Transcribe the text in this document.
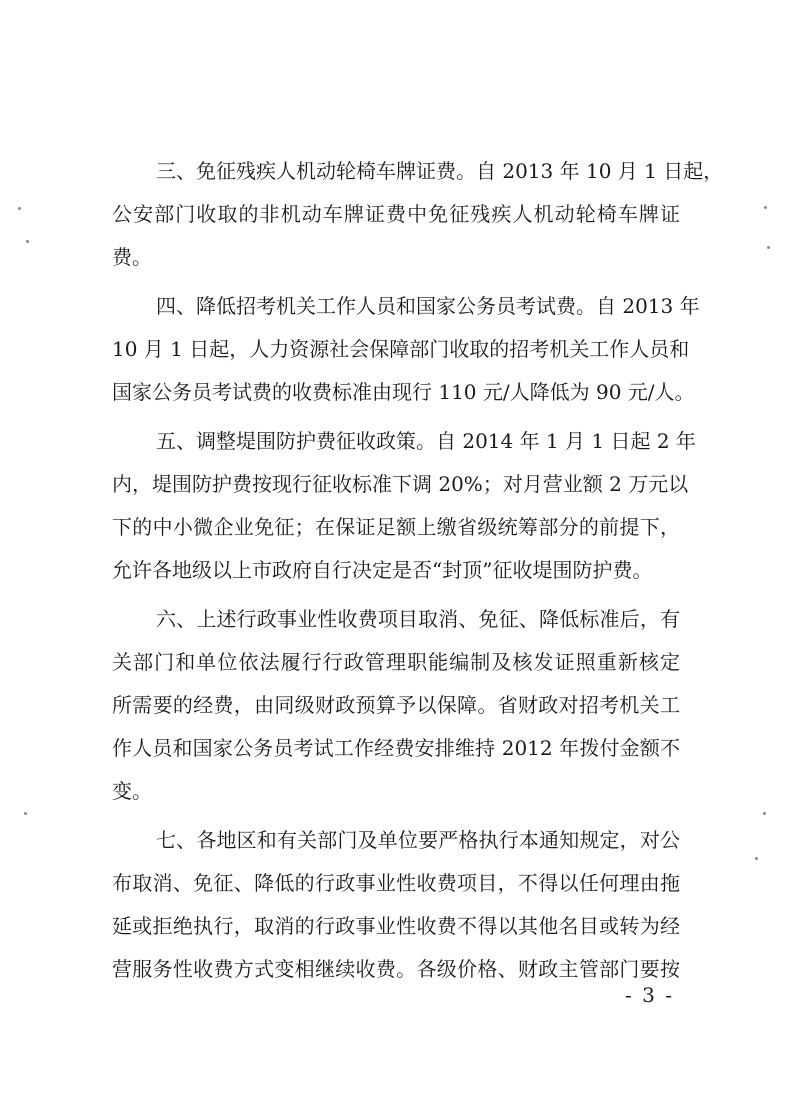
三、免征残疾人机动轮椅车牌证费。自 2013 年 10 月 1 日起，
公安部门收取的非机动车牌证费中免征残疾人机动轮椅车牌证
费。
四、降低招考机关工作人员和国家公务员考试费。自 2013 年
10 月 1 日起，人力资源社会保障部门收取的招考机关工作人员和
国家公务员考试费的收费标准由现行 110 元/人降低为 90 元/人。
五、调整堤围防护费征收政策。自 2014 年 1 月 1 日起 2 年
内，堤围防护费按现行征收标准下调 20%；对月营业额 2 万元以
下的中小微企业免征；在保证足额上缴省级统筹部分的前提下，
允许各地级以上市政府自行决定是否“封顶”征收堤围防护费。
六、上述行政事业性收费项目取消、免征、降低标准后，有
关部门和单位依法履行行政管理职能编制及核发证照重新核定
所需要的经费，由同级财政预算予以保障。省财政对招考机关工
作人员和国家公务员考试工作经费安排维持 2012 年拨付金额不
变。
七、各地区和有关部门及单位要严格执行本通知规定，对公
布取消、免征、降低的行政事业性收费项目，不得以任何理由拖
延或拒绝执行，取消的行政事业性收费不得以其他名目或转为经
营服务性收费方式变相继续收费。各级价格、财政主管部门要按
- 3 -
